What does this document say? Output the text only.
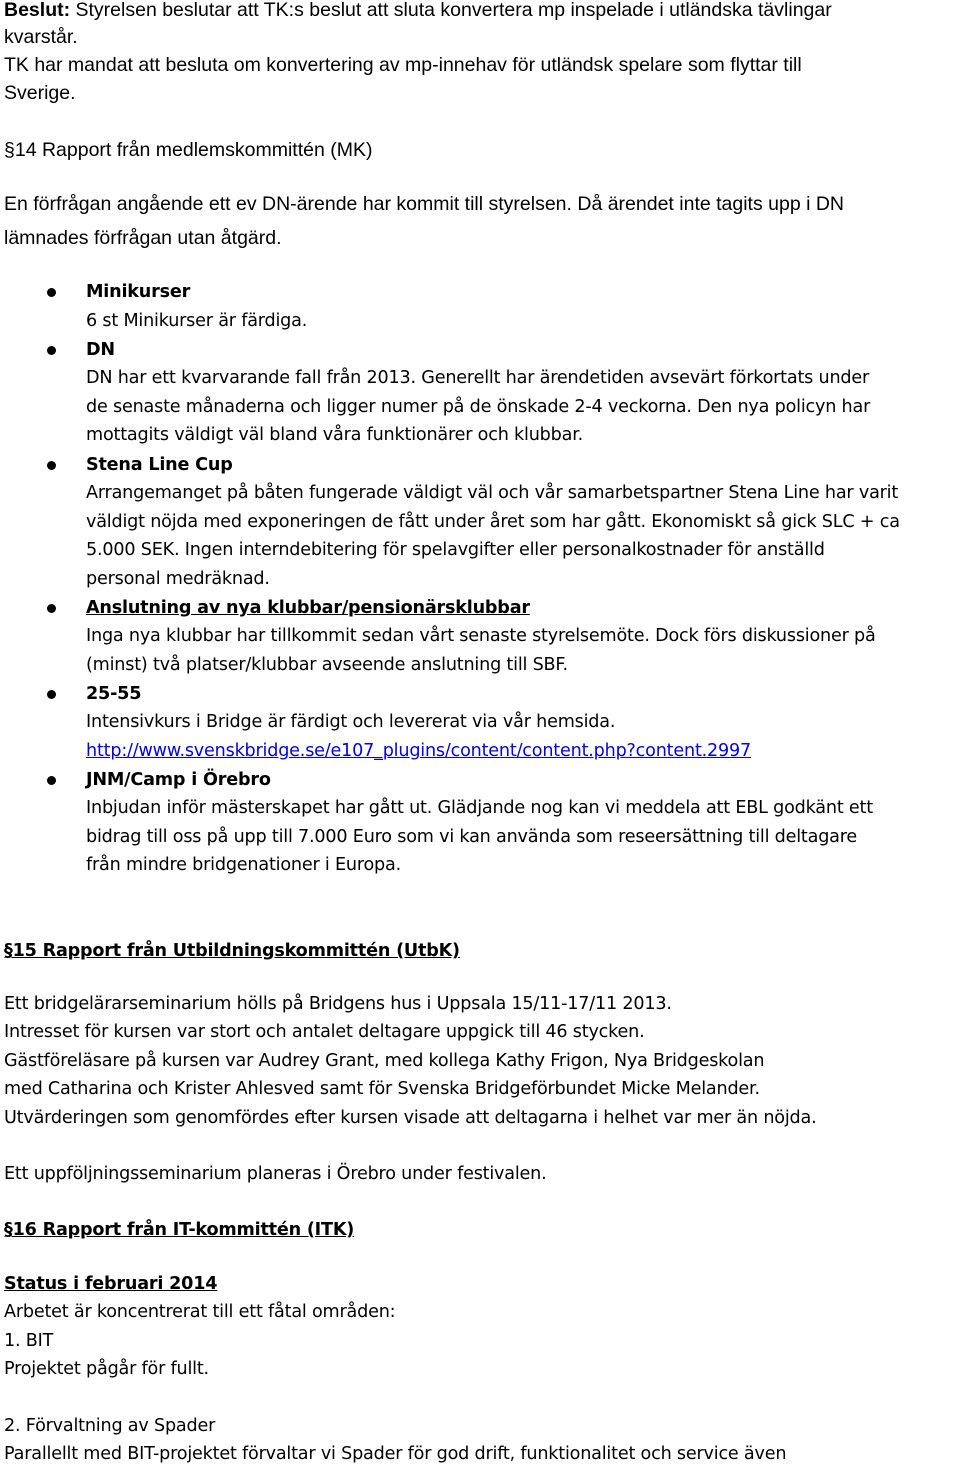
Beslut: Styrelsen beslutar att TK:s beslut att sluta konvertera mp inspelade i utländska tävlingar
kvarstår.
TK har mandat att besluta om konvertering av mp-innehav för utländsk spelare som flyttar till
Sverige.
§14 Rapport från medlemskommittén (MK)
En förfrågan angående ett ev DN-ärende har kommit till styrelsen. Då ärendet inte tagits upp i DN
lämnades förfrågan utan åtgärd.
Minikurser
6 st Minikurser är färdiga.
DN
DN har ett kvarvarande fall från 2013. Generellt har ärendetiden avsevärt förkortats under
de senaste månaderna och ligger numer på de önskade 2-4 veckorna. Den nya policyn har
mottagits väldigt väl bland våra funktionärer och klubbar.
Stena Line Cup
Arrangemanget på båten fungerade väldigt väl och vår samarbetspartner Stena Line har varit
väldigt nöjda med exponeringen de fått under året som har gått. Ekonomiskt så gick SLC + ca
5.000 SEK. Ingen interndebitering för spelavgifter eller personalkostnader för anställd
personal medräknad.
Anslutning av nya klubbar/pensionärsklubbar
Inga nya klubbar har tillkommit sedan vårt senaste styrelsemöte. Dock förs diskussioner på
(minst) två platser/klubbar avseende anslutning till SBF.
25-55
Intensivkurs i Bridge är färdigt och levererat via vår hemsida.
http://www.svenskbridge.se/e107_plugins/content/content.php?content.2997
JNM/Camp i Örebro
Inbjudan inför mästerskapet har gått ut. Glädjande nog kan vi meddela att EBL godkänt ett
bidrag till oss på upp till 7.000 Euro som vi kan använda som reseersättning till deltagare
från mindre bridgenationer i Europa.
§15 Rapport från Utbildningskommittén (UtbK)
Ett bridgelärarseminarium hölls på Bridgens hus i Uppsala 15/11-17/11 2013.
Intresset för kursen var stort och antalet deltagare uppgick till 46 stycken.
Gästföreläsare på kursen var Audrey Grant, med kollega Kathy Frigon, Nya Bridgeskolan
med Catharina och Krister Ahlesved samt för Svenska Bridgeförbundet Micke Melander.
Utvärderingen som genomfördes efter kursen visade att deltagarna i helhet var mer än nöjda.
Ett uppföljningsseminarium planeras i Örebro under festivalen.
§16 Rapport från IT-kommittén (ITK)
Status i februari 2014
Arbetet är koncentrerat till ett fåtal områden:
1. BIT
Projektet pågår för fullt.
2. Förvaltning av Spader
Parallellt med BIT-projektet förvaltar vi Spader för god drift, funktionalitet och service även
